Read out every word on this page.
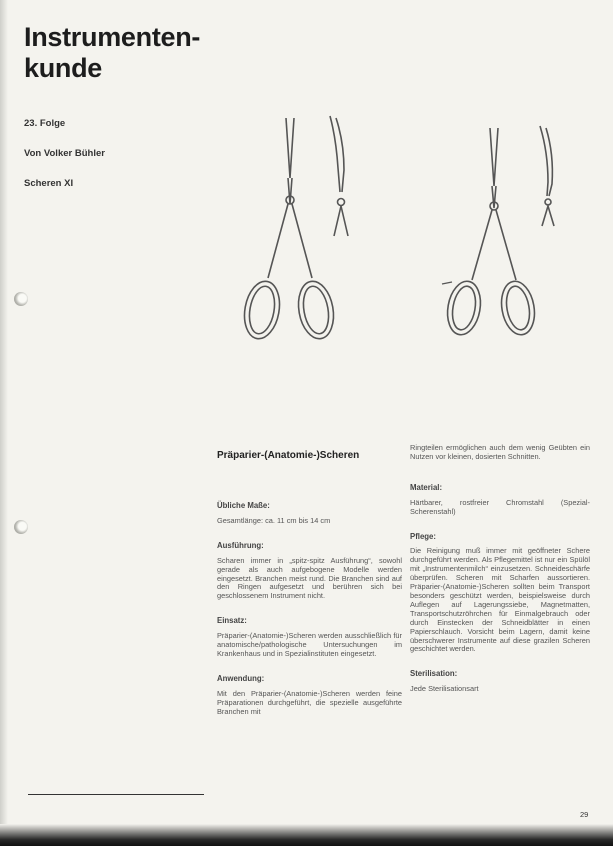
Instrumenten-
kunde
23. Folge
Von Volker Bühler
Scheren XI
Präparier-(Anatomie-)Scheren
Übliche Maße:

Gesamtlänge: ca. 11 cm bis 14 cm

Ausführung:

Scharen immer in „spitz-spitz Ausführung“, sowohl gerade als auch aufgebogene Modelle werden eingesetzt. Branchen meist rund. Die Branchen sind auf den Ringen aufgesetzt und berühren sich bei geschlossenem Instrument nicht.

Einsatz:

Präparier-(Anatomie-)Scheren werden ausschließlich für anatomische/pathologische Untersuchungen im Krankenhaus und in Spezialinstituten eingesetzt.

Anwendung:

Mit den Präparier-(Anatomie-)Scheren werden feine Präparationen durchgeführt, die spezielle ausgeführte Branchen mit

Ringteilen ermöglichen auch dem wenig Geübten ein Nutzen vor kleinen, dosierten Schnitten.

Material:

Härtbarer, rostfreier Chromstahl (Spezial-Scherenstahl)

Pflege:

Die Reinigung muß immer mit geöffneter Schere durchgeführt werden. Als Pflegemittel ist nur ein Spülöl mit „Instrumentenmilch“ einzusetzen. Schneideschärfe überprüfen. Scheren mit Scharfen aussortieren. Präparier-(Anatomie-)Scheren sollten beim Transport besonders geschützt werden, beispielsweise durch Auflegen auf Lagerungssiebe, Magnetmatten, Transportschutzröhrchen für Einmalgebrauch oder durch Einstecken der Schneidblätter in einen Papierschlauch. Vorsicht beim Lagern, damit keine überschwerer Instrumente auf diese grazilen Scheren geschichtet werden.

Sterilisation:

Jede Sterilisationsart

29
